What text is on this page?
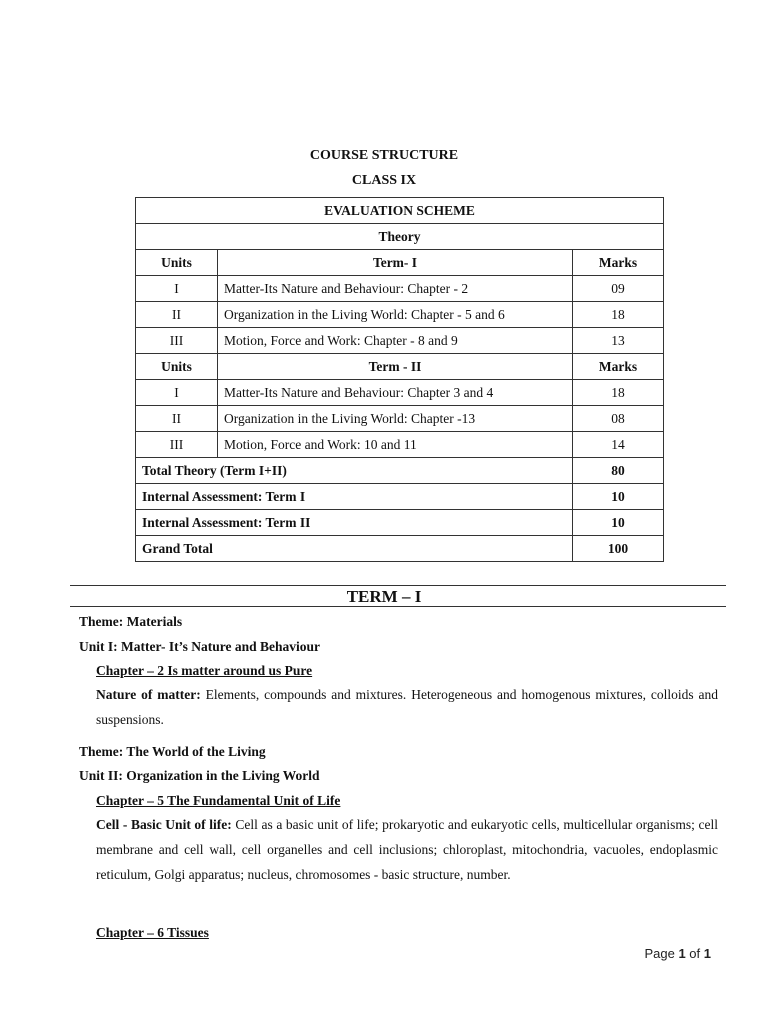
COURSE STRUCTURE
CLASS IX
EVALUATION SCHEME		
Theory		
Units	Term- I	Marks
I	Matter-Its Nature and Behaviour: Chapter - 2	09
II	Organization in the Living World: Chapter - 5 and 6	18
III	Motion, Force and Work: Chapter - 8 and 9	13
Units	Term - II	Marks
I	Matter-Its Nature and Behaviour: Chapter 3 and 4	18
II	Organization in the Living World: Chapter -13	08
III	Motion, Force and Work: 10 and 11	14
Total Theory (Term I+II)		80
Internal Assessment: Term I		10
Internal Assessment: Term II		10
Grand Total		100
TERM – I
Theme: Materials
Unit I: Matter- It’s Nature and Behaviour
Chapter – 2 Is matter around us Pure
Nature of matter: Elements, compounds and mixtures. Heterogeneous and homogenous mixtures, colloids and suspensions.
Theme: The World of the Living
Unit II: Organization in the Living World
Chapter – 5 The Fundamental Unit of Life
Cell - Basic Unit of life: Cell as a basic unit of life; prokaryotic and eukaryotic cells, multicellular organisms; cell membrane and cell wall, cell organelles and cell inclusions; chloroplast, mitochondria, vacuoles, endoplasmic reticulum, Golgi apparatus; nucleus, chromosomes - basic structure, number.
Chapter – 6 Tissues
Page 1 of 1
